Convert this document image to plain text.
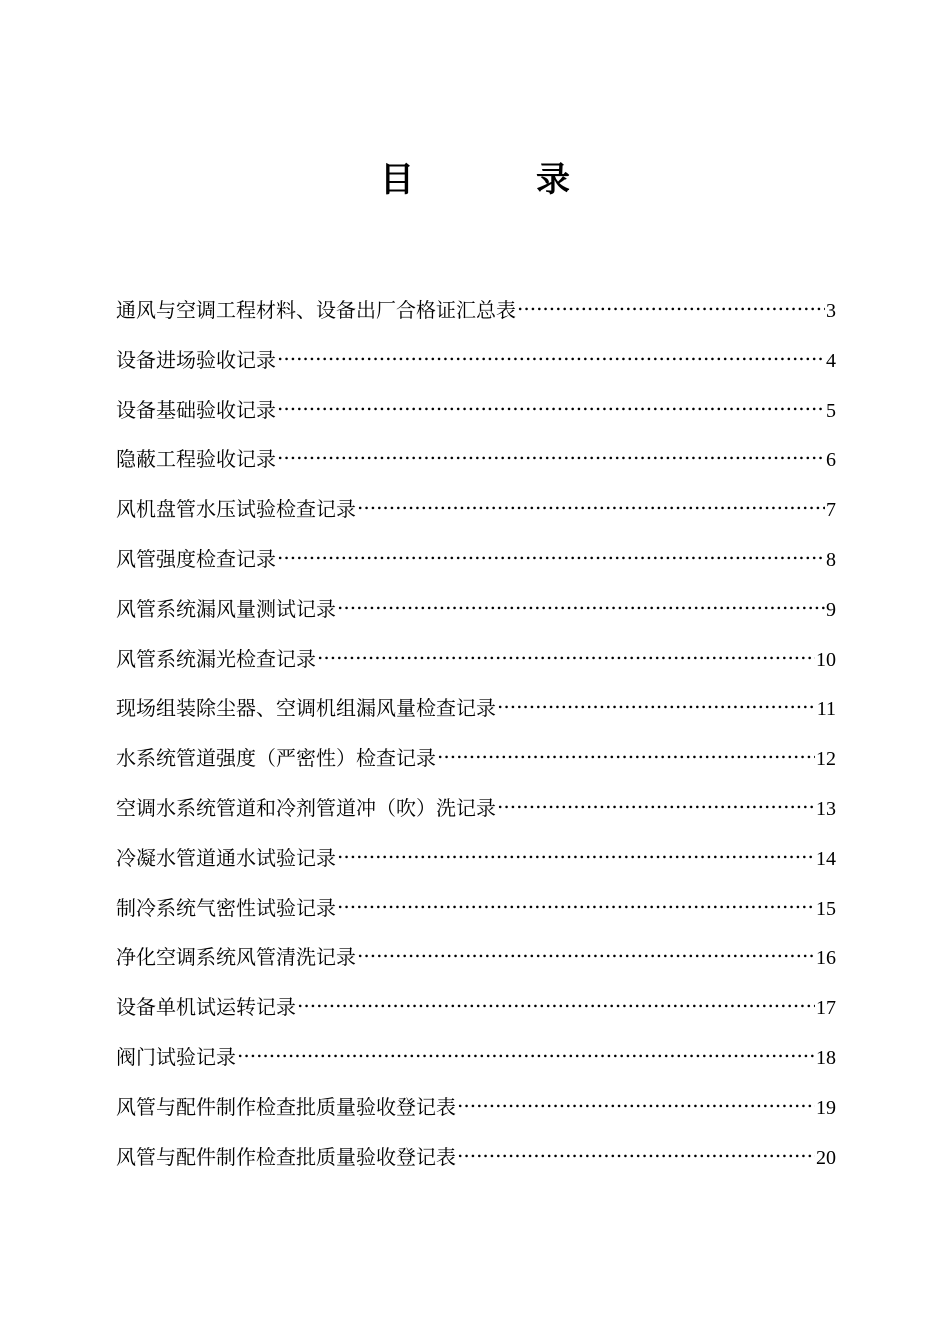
目　录
通风与空调工程材料、设备出厂合格证汇总表 .....	3
设备进场验收记录 .....	4
设备基础验收记录 .....	5
隐蔽工程验收记录 .....	6
风机盘管水压试验检查记录 .....	7
风管强度检查记录 .....	8
风管系统漏风量测试记录 .....	9
风管系统漏光检查记录 .....	10
现场组装除尘器、空调机组漏风量检查记录 .....	11
水系统管道强度（严密性）检查记录 .....	12
空调水系统管道和冷剂管道冲（吹）洗记录 .....	13
冷凝水管道通水试验记录 .....	14
制冷系统气密性试验记录 .....	15
净化空调系统风管清洗记录 .....	16
设备单机试运转记录 .....	17
阀门试验记录 .....	18
风管与配件制作检查批质量验收登记表 .....	19
风管与配件制作检查批质量验收登记表 .....	20
